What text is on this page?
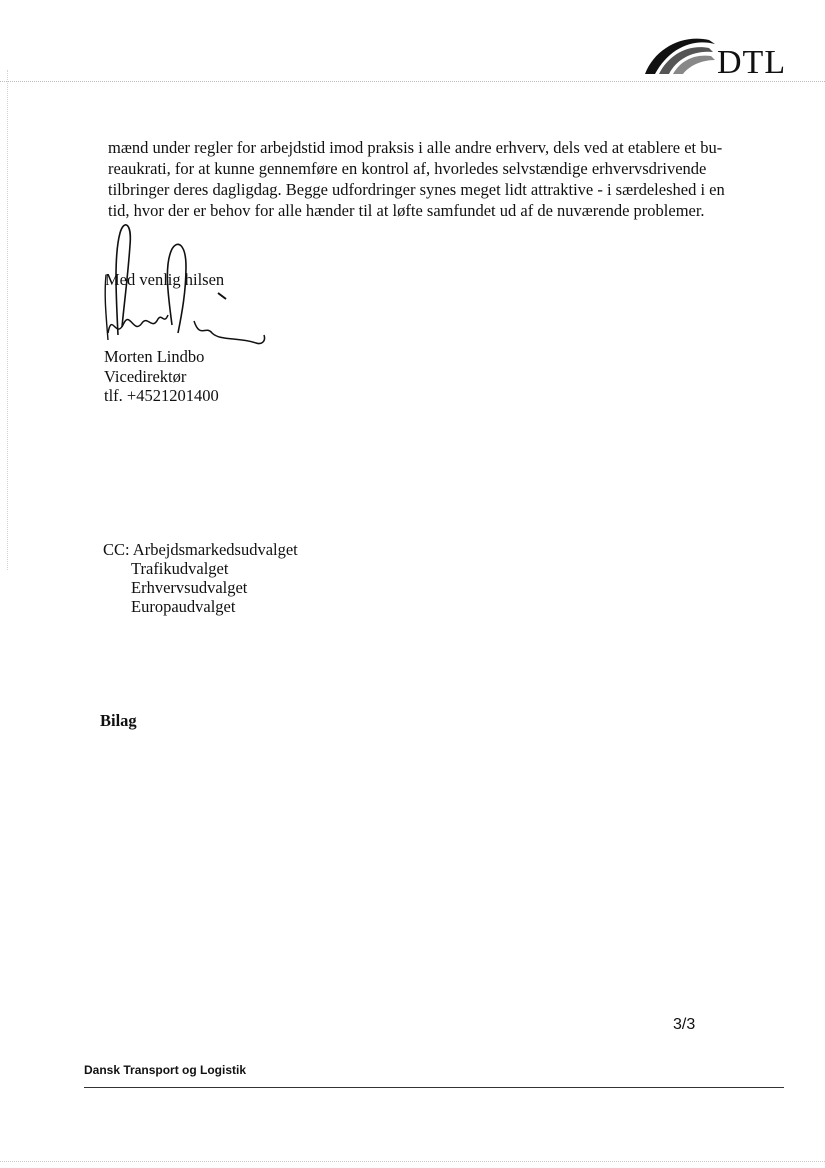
DTL
mænd under regler for arbejdstid imod praksis i alle andre erhverv, dels ved at etablere et bu-
reaukrati, for at kunne gennemføre en kontrol af, hvorledes selvstændige erhvervsdrivende
tilbringer deres dagligdag. Begge udfordringer synes meget lidt attraktive - i særdeleshed i en
tid, hvor der er behov for alle hænder til at løfte samfundet ud af de nuværende problemer.
Med venlig hilsen
Morten Lindbo
Vicedirektør
tlf. +4521201400
CC: Arbejdsmarkedsudvalget
Trafikudvalget
Erhvervsudvalget
Europaudvalget
Bilag
3/3
Dansk Transport og Logistik
